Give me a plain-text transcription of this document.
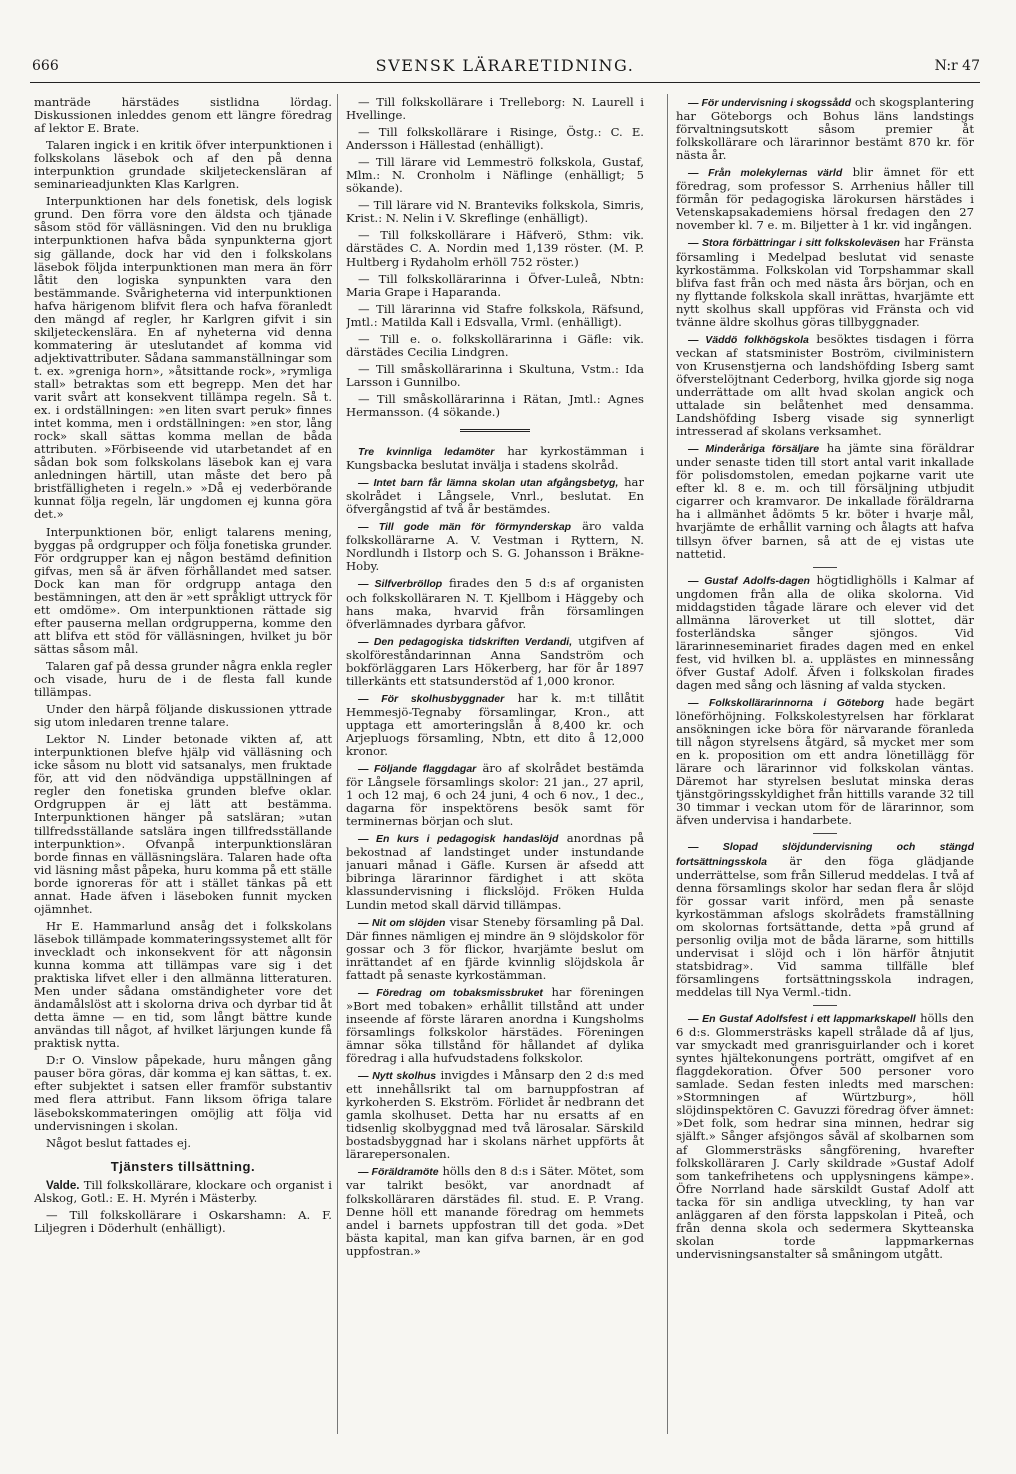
666	SVENSK LÄRARETIDNING.	N:r 47

manträde härstädes sistlidna lördag. Diskussionen inleddes genom ett längre föredrag af lektor E. Brate.

Talaren ingick i en kritik öfver interpunktionen i folkskolans läsebok och af den på denna interpunktion grundade skiljeteckensläran af seminarieadjunkten Klas Karlgren.

Interpunktionen har dels fonetisk, dels logisk grund. Den förra vore den äldsta och tjänade såsom stöd för välläsningen. Vid den nu brukliga interpunktionen hafva båda synpunkterna gjort sig gällande, dock har vid den i folkskolans läsebok följda interpunktionen man mera än förr låtit den logiska synpunkten vara den bestämmande. Svårigheterna vid interpunktionen hafva härigenom blifvit flera och hafva föranledt den mängd af regler, hr Karlgren gifvit i sin skiljeteckenslära. En af nyheterna vid denna kommatering är uteslutandet af komma vid adjektivattributer. Sådana sammanställningar som t. ex. »greniga horn», »åtsittande rock», »rymliga stall» betraktas som ett begrepp. Men det har varit svårt att konsekvent tillämpa regeln. Så t. ex. i ordställningen: »en liten svart peruk» finnes intet komma, men i ordställningen: »en stor, lång rock» skall sättas komma mellan de båda attributen. »Förbiseende vid utarbetandet af en sådan bok som folkskolans läsebok kan ej vara anledningen härtill, utan måste det bero på bristfälligheten i regeln.» »Då ej vederbörande kunnat följa regeln, lär ungdomen ej kunna göra det.»

Interpunktionen bör, enligt talarens mening, byggas på ordgrupper och följa fonetiska grunder. För ordgrupper kan ej någon bestämd definition gifvas, men så är äfven förhållandet med satser. Dock kan man för ordgrupp antaga den bestämningen, att den är »ett språkligt uttryck för ett omdöme». Om interpunktionen rättade sig efter pauserna mellan ordgrupperna, komme den att blifva ett stöd för välläsningen, hvilket ju bör sättas såsom mål.

Talaren gaf på dessa grunder några enkla regler och visade, huru de i de flesta fall kunde tillämpas.

Under den härpå följande diskussionen yttrade sig utom inledaren trenne talare.

Lektor N. Linder betonade vikten af, att interpunktionen blefve hjälp vid välläsning och icke såsom nu blott vid satsanalys, men fruktade för, att vid den nödvändiga uppställningen af regler den fonetiska grunden blefve oklar. Ordgruppen är ej lätt att bestämma. Interpunktionen hänger på satsläran; »utan tillfredsställande satslära ingen tillfredsställande interpunktion». Ofvanpå interpunktionsläran borde finnas en välläsningslära. Talaren hade ofta vid läsning måst påpeka, huru komma på ett ställe borde ignoreras för att i stället tänkas på ett annat. Hade äfven i läseboken funnit mycken ojämnhet.

Hr E. Hammarlund ansåg det i folkskolans läsebok tillämpade kommateringssystemet allt för inveckladt och inkonsekvent för att någonsin kunna komma att tillämpas vare sig i det praktiska lifvet eller i den allmänna litteraturen. Men under sådana omständigheter vore det ändamålslöst att i skolorna driva och dyrbar tid åt detta ämne — en tid, som långt bättre kunde användas till något, af hvilket lärjungen kunde få praktisk nytta.

D:r O. Vinslow påpekade, huru mången gång pauser böra göras, där komma ej kan sättas, t. ex. efter subjektet i satsen eller framför substantiv med flera attribut. Fann liksom öfriga talare läsebokskommateringen omöjlig att följa vid undervisningen i skolan.

Något beslut fattades ej.

Tjänsters tillsättning.

Valde. Till folkskollärare, klockare och organist i Alskog, Gotl.: E. H. Myrén i Mästerby.

— Till folkskollärare i Oskarshamn: A. F. Liljegren i Döderhult (enhälligt).

— Till folkskollärare i Trelleborg: N. Laurell i Hvellinge.

— Till folkskollärare i Risinge, Östg.: C. E. Andersson i Hällestad (enhälligt).

— Till lärare vid Lemmeströ folkskola, Gustaf, Mlm.: N. Cronholm i Näflinge (enhälligt; 5 sökande).

— Till lärare vid N. Branteviks folkskola, Simris, Krist.: N. Nelin i V. Skreflinge (enhälligt).

— Till folkskollärare i Häfverö, Sthm: vik. därstädes C. A. Nordin med 1,139 röster. (M. P. Hultberg i Rydaholm erhöll 752 röster.)

— Till folkskollärarinna i Öfver-Luleå, Nbtn: Maria Grape i Haparanda.

— Till lärarinna vid Stafre folkskola, Räfsund, Jmtl.: Matilda Kall i Edsvalla, Vrml. (enhälligt).

— Till e. o. folkskollärarinna i Gäfle: vik. därstädes Cecilia Lindgren.

— Till småskollärarinna i Skultuna, Vstm.: Ida Larsson i Gunnilbo.

— Till småskollärarinna i Rätan, Jmtl.: Agnes Hermansson. (4 sökande.)

Tre kvinnliga ledamöter har kyrkostämman i Kungsbacka beslutat invälja i stadens skolråd.

— Intet barn får lämna skolan utan afgångsbetyg, har skolrådet i Långsele, Vnrl., beslutat. En öfvergångstid af två år bestämdes.

— Till gode män för förmynderskap äro valda folkskollärarne A. V. Vestman i Ryttern, N. Nordlundh i Ilstorp och S. G. Johansson i Bräkne-Hoby.

— Silfverbröllop firades den 5 d:s af organisten och folkskolläraren N. T. Kjellbom i Häggeby och hans maka, hvarvid från församlingen öfverlämnades dyrbara gåfvor.

— Den pedagogiska tidskriften Verdandi, utgifven af skolföreståndarinnan Anna Sandström och bokförläggaren Lars Hökerberg, har för år 1897 tillerkänts ett statsunderstöd af 1,000 kronor.

— För skolhusbyggnader har k. m:t tillåtit Hemmesjö-Tegnaby församlingar, Kron., att upptaga ett amorteringslån å 8,400 kr. och Arjepluogs församling, Nbtn, ett dito å 12,000 kronor.

— Följande flaggdagar äro af skolrådet bestämda för Långsele församlings skolor: 21 jan., 27 april, 1 och 12 maj, 6 och 24 juni, 4 och 6 nov., 1 dec., dagarna för inspektörens besök samt för terminernas början och slut.

— En kurs i pedagogisk handaslöjd anordnas på bekostnad af landstinget under instundande januari månad i Gäfle. Kursen är afsedd att bibringa lärarinnor färdighet i att sköta klassundervisning i flickslöjd. Fröken Hulda Lundin metod skall därvid tillämpas.

— Nit om slöjden visar Steneby församling på Dal. Där finnes nämligen ej mindre än 9 slöjdskolor för gossar och 3 för flickor, hvarjämte beslut om inrättandet af en fjärde kvinnlig slöjdskola år fattadt på senaste kyrkostämman.

— Föredrag om tobaksmissbruket har föreningen »Bort med tobaken» erhållit tillstånd att under inseende af förste läraren anordna i Kungsholms församlings folkskolor härstädes. Föreningen ämnar söka tillstånd för hållandet af dylika föredrag i alla hufvudstadens folkskolor.

— Nytt skolhus invigdes i Månsarp den 2 d:s med ett innehållsrikt tal om barnuppfostran af kyrkoherden S. Ekström. Förlidet år nedbrann det gamla skolhuset. Detta har nu ersatts af en tidsenlig skolbyggnad med två lärosalar. Särskild bostadsbyggnad har i skolans närhet uppförts åt lärarepersonalen.

— Föräldramöte hölls den 8 d:s i Säter. Mötet, som var talrikt besökt, var anordnadt af folkskolläraren därstädes fil. stud. E. P. Vrang. Denne höll ett manande föredrag om hemmets andel i barnets uppfostran till det goda. »Det bästa kapital, man kan gifva barnen, är en god uppfostran.»

— För undervisning i skogssådd och skogsplantering har Göteborgs och Bohus läns landstings förvaltningsutskott såsom premier åt folkskollärare och lärarinnor bestämt 870 kr. för nästa år.

— Från molekylernas värld blir ämnet för ett föredrag, som professor S. Arrhenius håller till förmån för pedagogiska lärokursen härstädes i Vetenskapsakademiens hörsal fredagen den 27 november kl. 7 e. m. Biljetter à 1 kr. vid ingången.

— Stora förbättringar i sitt folkskoleväsen har Fränsta församling i Medelpad beslutat vid senaste kyrkostämma. Folkskolan vid Torpshammar skall blifva fast från och med nästa års början, och en ny flyttande folkskola skall inrättas, hvarjämte ett nytt skolhus skall uppföras vid Fränsta och vid tvänne äldre skolhus göras tillbyggnader.

— Väddö folkhögskola besöktes tisdagen i förra veckan af statsminister Boström, civilministern von Krusenstjerna och landshöfding Isberg samt öfverstelöjtnant Cederborg, hvilka gjorde sig noga underrättade om allt hvad skolan angick och uttalade sin belåtenhet med densamma. Landshöfding Isberg visade sig synnerligt intresserad af skolans verksamhet.

— Minderåriga försäljare ha jämte sina föräldrar under senaste tiden till stort antal varit inkallade för polisdomstolen, emedan pojkarne varit ute efter kl. 8 e. m. och till försäljning utbjudit cigarrer och kramvaror. De inkallade föräldrarna ha i allmänhet ådömts 5 kr. böter i hvarje mål, hvarjämte de erhållit varning och ålagts att hafva tillsyn öfver barnen, så att de ej vistas ute nattetid.

— Gustaf Adolfs-dagen högtidlighölls i Kalmar af ungdomen från alla de olika skolorna. Vid middagstiden tågade lärare och elever vid det allmänna läroverket ut till slottet, där fosterländska sånger sjöngos. Vid lärarinneseminariet firades dagen med en enkel fest, vid hvilken bl. a. upplästes en minnessång öfver Gustaf Adolf. Äfven i folkskolan firades dagen med sång och läsning af valda stycken.

— Folkskollärarinnorna i Göteborg hade begärt löneförhöjning. Folkskolestyrelsen har förklarat ansökningen icke böra för närvarande föranleda till någon styrelsens åtgärd, så mycket mer som en k. proposition om ett andra lönetillägg för lärare och lärarinnor vid folkskolan väntas. Däremot har styrelsen beslutat minska deras tjänstgöringsskyldighet från hittills varande 32 till 30 timmar i veckan utom för de lärarinnor, som äfven undervisa i handarbete.

— Slopad slöjdundervisning och stängd fortsättningsskola är den föga glädjande underrättelse, som från Sillerud meddelas. I två af denna församlings skolor har sedan flera år slöjd för gossar varit införd, men på senaste kyrkostämman afslogs skolrådets framställning om skolornas fortsättande, detta »på grund af personlig ovilja mot de båda lärarne, som hittills undervisat i slöjd och i lön härför åtnjutit statsbidrag». Vid samma tillfälle blef församlingens fortsättningsskola indragen, meddelas till Nya Verml.-tidn.

— En Gustaf Adolfsfest i ett lappmarkskapell hölls den 6 d:s. Glommersträsks kapell strålade då af ljus, var smyckadt med granrisguirlander och i koret syntes hjältekonungens porträtt, omgifvet af en flaggdekoration. Öfver 500 personer voro samlade. Sedan festen inledts med marschen: »Stormningen af Würtzburg», höll slöjdinspektören C. Gavuzzi föredrag öfver ämnet: »Det folk, som hedrar sina minnen, hedrar sig själft.» Sånger afsjöngos såväl af skolbarnen som af Glommersträsks sångförening, hvarefter folkskolläraren J. Carly skildrade »Gustaf Adolf som tankefrihetens och upplysningens kämpe». Öfre Norrland hade särskildt Gustaf Adolf att tacka för sin andliga utveckling, ty han var anläggaren af den första lappskolan i Piteå, och från denna skola och sedermera Skytteanska skolan torde lappmarkernas undervisningsanstalter så småningom utgått.
